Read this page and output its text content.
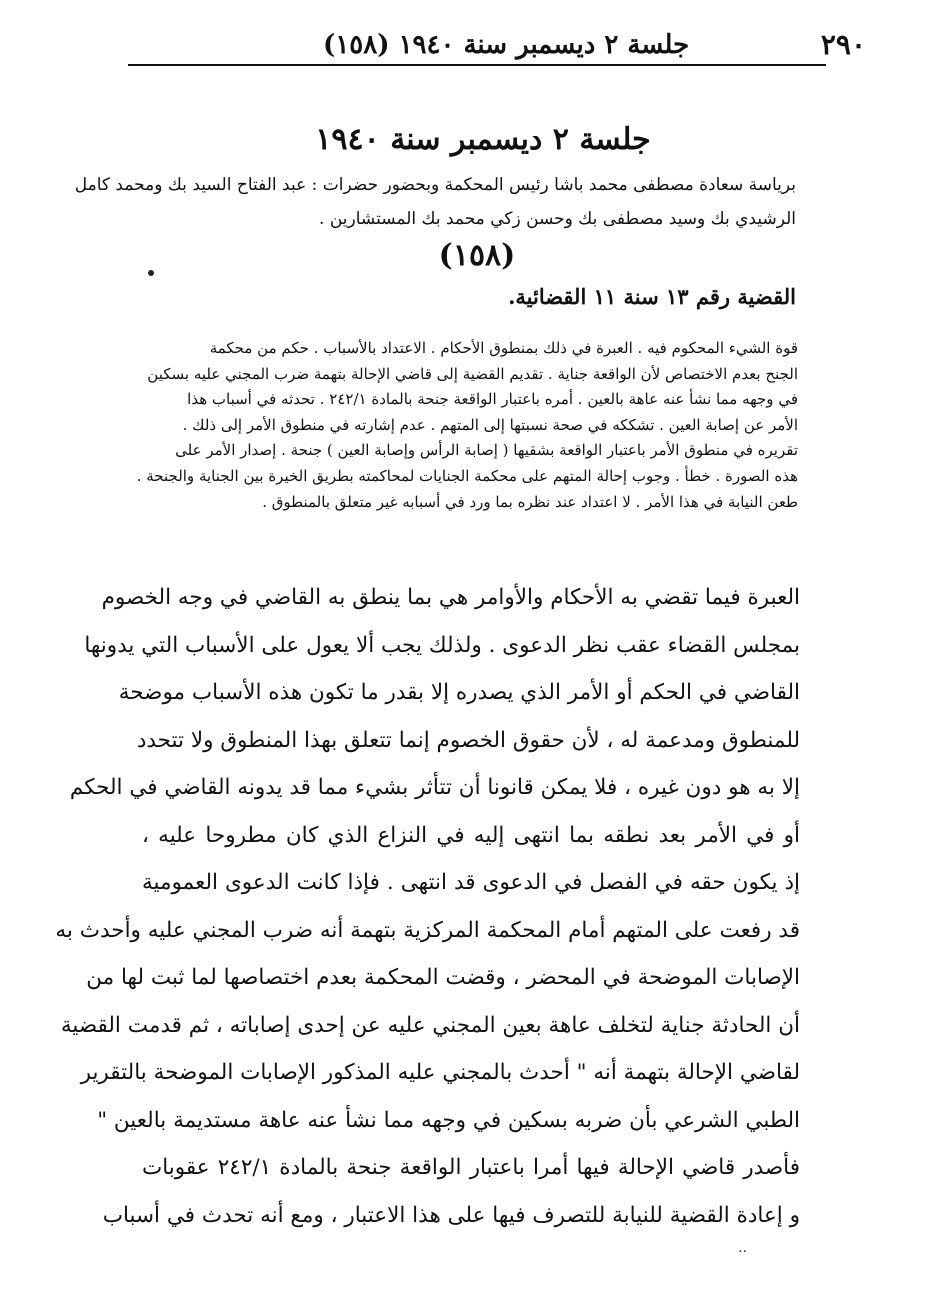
٢٩٠
جلسة ٢ ديسمبر سنة ١٩٤٠ (١٥٨)
جلسة ٢ ديسمبر سنة ١٩٤٠
برياسة سعادة مصطفى محمد باشا رئيس المحكمة وبحضور حضرات : عبد الفتاح السيد بك ومحمد كامل
الرشيدي بك وسيد مصطفى بك وحسن زكي محمد بك المستشارين .
(١٥٨)
القضية رقم ١٣ سنة ١١ القضائية.
قوة الشيء المحكوم فيه . العبرة في ذلك بمنطوق الأحكام . الاعتداد بالأسباب . حكم من محكمة
الجنح بعدم الاختصاص لأن الواقعة جناية . تقديم القضية إلى قاضي الإحالة بتهمة ضرب المجني عليه بسكين
في وجهه مما نشأ عنه عاهة بالعين . أمره باعتبار الواقعة جنحة بالمادة ٢٤٢/١ . تحدثه في أسباب هذا
الأمر عن إصابة العين . تشككه في صحة نسبتها إلى المتهم . عدم إشارته في منطوق الأمر إلى ذلك .
تقريره في منطوق الأمر باعتبار الواقعة بشقيها ( إصابة الرأس وإصابة العين ) جنحة . إصدار الأمر على
هذه الصورة . خطأ . وجوب إحالة المتهم على محكمة الجنايات لمحاكمته بطريق الخيرة بين الجناية والجنحة .
طعن النيابة في هذا الأمر . لا اعتداد عند نظره بما ورد في أسبابه غير متعلق بالمنطوق .
العبرة فيما تقضي به الأحكام والأوامر هي بما ينطق به القاضي في وجه الخصوم
بمجلس القضاء عقب نظر الدعوى . ولذلك يجب ألا يعول على الأسباب التي يدونها
القاضي في الحكم أو الأمر الذي يصدره إلا بقدر ما تكون هذه الأسباب موضحة
للمنطوق ومدعمة له ، لأن حقوق الخصوم إنما تتعلق بهذا المنطوق ولا تتحدد
إلا به هو دون غيره ، فلا يمكن قانونا أن تتأثر بشيء مما قد يدونه القاضي في الحكم
أو في الأمر بعد نطقه بما انتهى إليه في النزاع الذي كان مطروحا عليه ،
إذ يكون حقه في الفصل في الدعوى قد انتهى . فإذا كانت الدعوى العمومية
قد رفعت على المتهم أمام المحكمة المركزية بتهمة أنه ضرب المجني عليه وأحدث به
الإصابات الموضحة في المحضر ، وقضت المحكمة بعدم اختصاصها لما ثبت لها من
أن الحادثة جناية لتخلف عاهة بعين المجني عليه عن إحدى إصاباته ، ثم قدمت القضية
لقاضي الإحالة بتهمة أنه " أحدث بالمجني عليه المذكور الإصابات الموضحة بالتقرير
الطبي الشرعي بأن ضربه بسكين في وجهه مما نشأ عنه عاهة مستديمة بالعين "
فأصدر قاضي الإحالة فيها أمرا باعتبار الواقعة جنحة بالمادة ٢٤٢/١ عقوبات
و إعادة القضية للنيابة للتصرف فيها على هذا الاعتبار ، ومع أنه تحدث في أسباب
..
